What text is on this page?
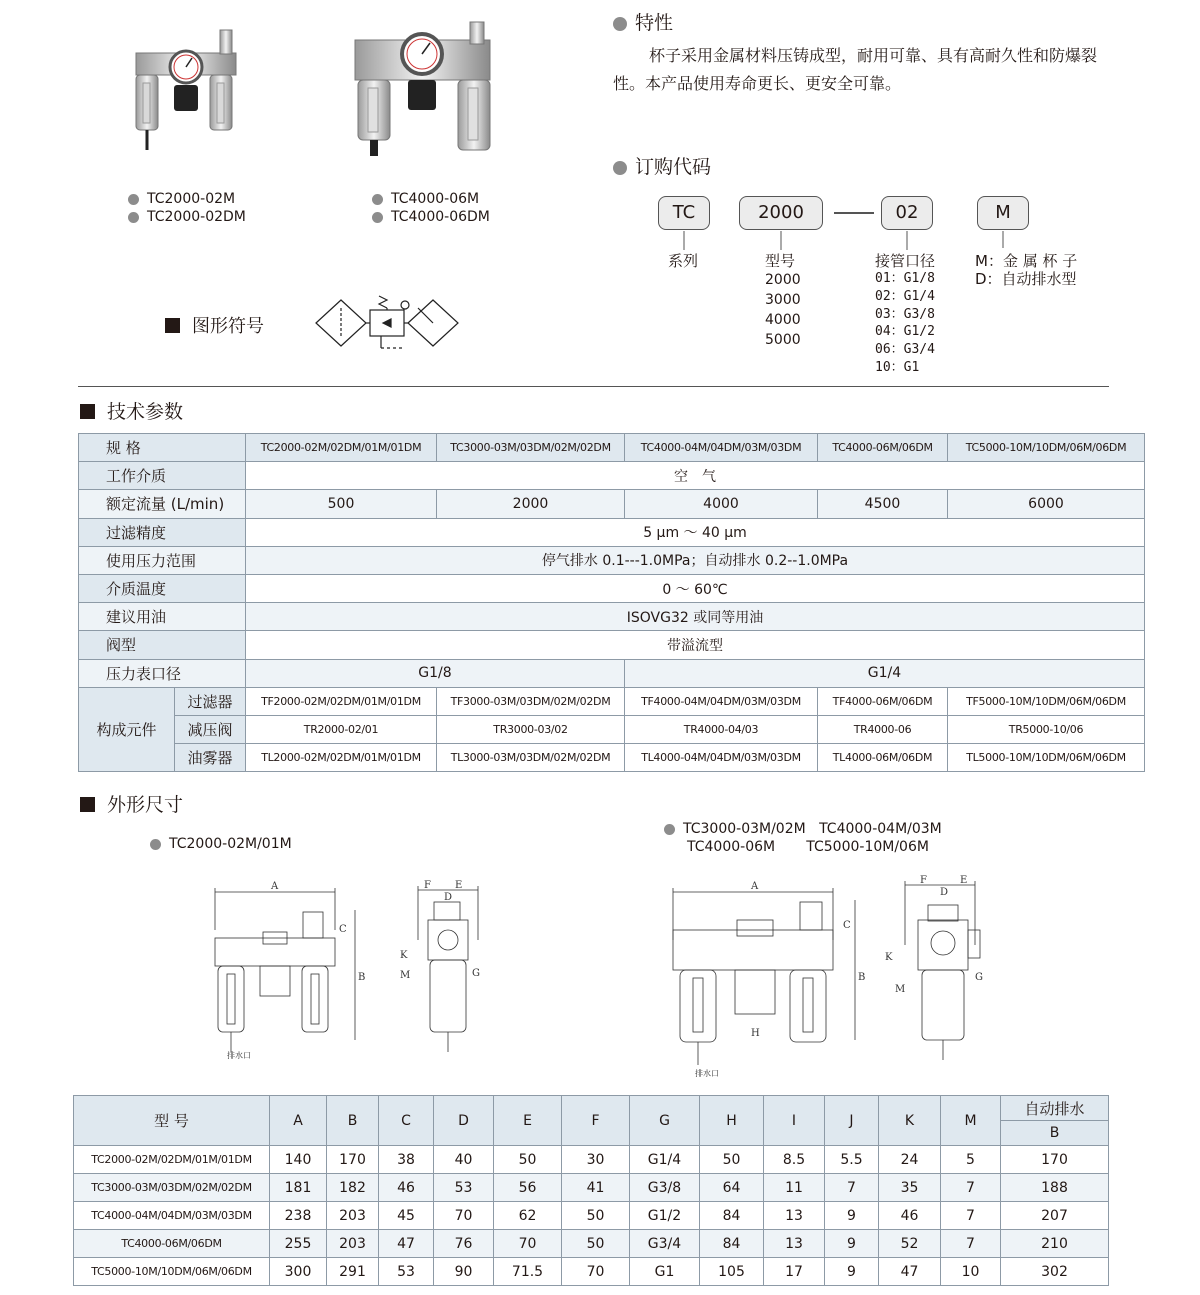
TC2000-02M
TC2000-02DM
TC4000-06M
TC4000-06DM
特性
杯子采用金属材料压铸成型，耐用可靠、具有高耐久性和防爆裂性。本产品使用寿命更长、更安全可靠。
订购代码
TC	2000	02	M
系列	型号
2000
3000
4000
5000
接管口径
01：G1/8
02：G1/4
03：G3/8
04：G1/2
06：G3/4
10：G1
M：金 属 杯 子
D：自动排水型
图形符号
技术参数
规 格		TC2000-02M/02DM/01M/01DM	TC3000-03M/03DM/02M/02DM	TC4000-04M/04DM/03M/03DM	TC4000-06M/06DM	TC5000-10M/10DM/06M/06DM
工作介质		空　气				
额定流量 (L/min)		500	2000	4000	4500	6000
过滤精度		5 μm ～ 40 μm				
使用压力范围		停气排水 0.1---1.0MPa；自动排水 0.2--1.0MPa				
介质温度		0 ～ 60℃				
建议用油		ISOVG32 或同等用油				
阀型		带溢流型				
压力表口径		G1/8		G1/4		
构成元件	过滤器	TF2000-02M/02DM/01M/01DM	TF3000-03M/03DM/02M/02DM	TF4000-04M/04DM/03M/03DM	TF4000-06M/06DM	TF5000-10M/10DM/06M/06DM
	减压阀	TR2000-02/01	TR3000-03/02	TR4000-04/03	TR4000-06	TR5000-10/06
	油雾器	TL2000-02M/02DM/01M/01DM	TL3000-03M/03DM/02M/02DM	TL4000-04M/04DM/03M/03DM	TL4000-06M/06DM	TL5000-10M/10DM/06M/06DM
外形尺寸
TC2000-02M/01M
TC3000-03M/02M TC4000-04M/03M
TC4000-06M TC5000-10M/06M
A
B
C
排水口
F E
D
K
M	G
A
B
C
H
排水口
F	E
D
K
M
G
型 号	A	B	C	D	E	F	G	H	I	J	K	M	自动排水
													B
TC2000-02M/02DM/01M/01DM	140	170	38	40	50	30	G1/4	50	8.5	5.5	24	5	170
TC3000-03M/03DM/02M/02DM	181	182	46	53	56	41	G3/8	64	11	7	35	7	188
TC4000-04M/04DM/03M/03DM	238	203	45	70	62	50	G1/2	84	13	9	46	7	207
TC4000-06M/06DM	255	203	47	76	70	50	G3/4	84	13	9	52	7	210
TC5000-10M/10DM/06M/06DM	300	291	53	90	71.5	70	G1	105	17	9	47	10	302
